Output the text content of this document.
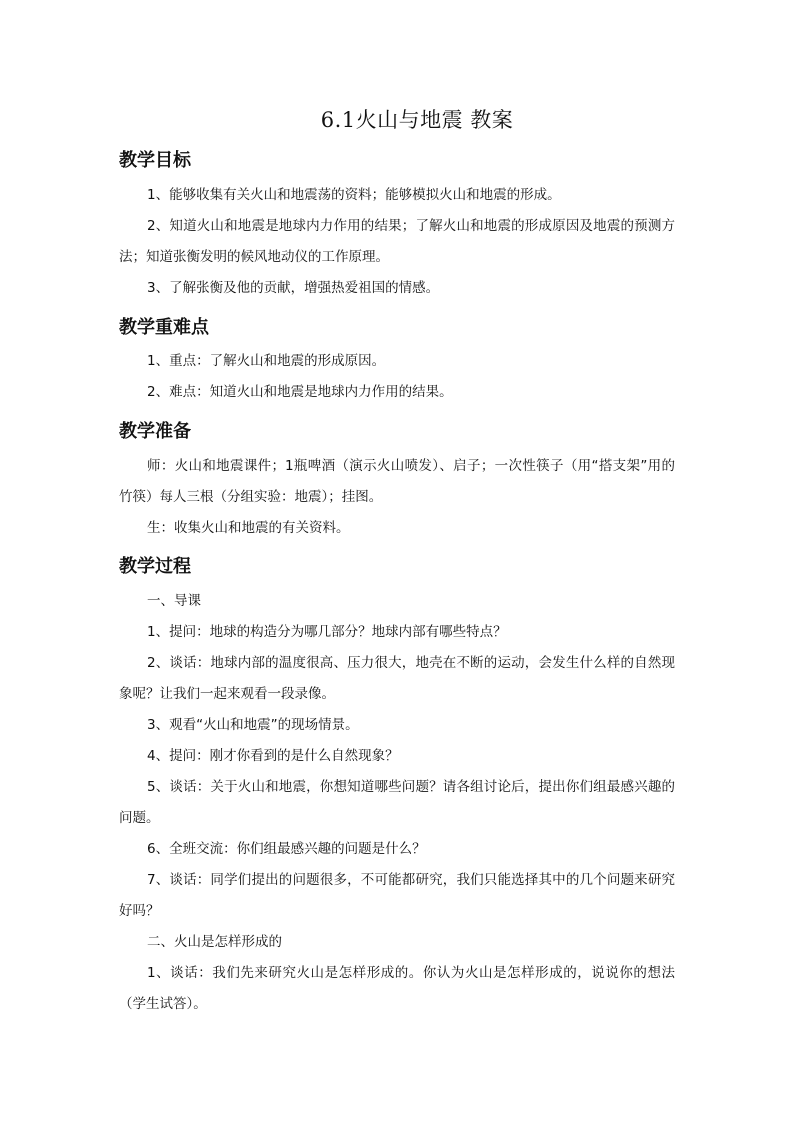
6.1火山与地震 教案
教学目标
1、能够收集有关火山和地震荡的资料；能够模拟火山和地震的形成。
2、知道火山和地震是地球内力作用的结果；了解火山和地震的形成原因及地震的预测方法；知道张衡发明的候风地动仪的工作原理。
3、了解张衡及他的贡献，增强热爱祖国的情感。
教学重难点
1、重点：了解火山和地震的形成原因。
2、难点：知道火山和地震是地球内力作用的结果。
教学准备
师：火山和地震课件；1瓶啤酒（演示火山喷发）、启子；一次性筷子（用“搭支架”用的竹筷）每人三根（分组实验：地震）；挂图。
生：收集火山和地震的有关资料。
教学过程
一、导课
1、提问：地球的构造分为哪几部分？地球内部有哪些特点？
2、谈话：地球内部的温度很高、压力很大，地壳在不断的运动，会发生什么样的自然现象呢？让我们一起来观看一段录像。
3、观看“火山和地震”的现场情景。
4、提问：刚才你看到的是什么自然现象？
5、谈话：关于火山和地震，你想知道哪些问题？请各组讨论后，提出你们组最感兴趣的问题。
6、全班交流：你们组最感兴趣的问题是什么？
7、谈话：同学们提出的问题很多，不可能都研究，我们只能选择其中的几个问题来研究好吗？
二、火山是怎样形成的
1、谈话：我们先来研究火山是怎样形成的。你认为火山是怎样形成的，说说你的想法（学生试答）。
